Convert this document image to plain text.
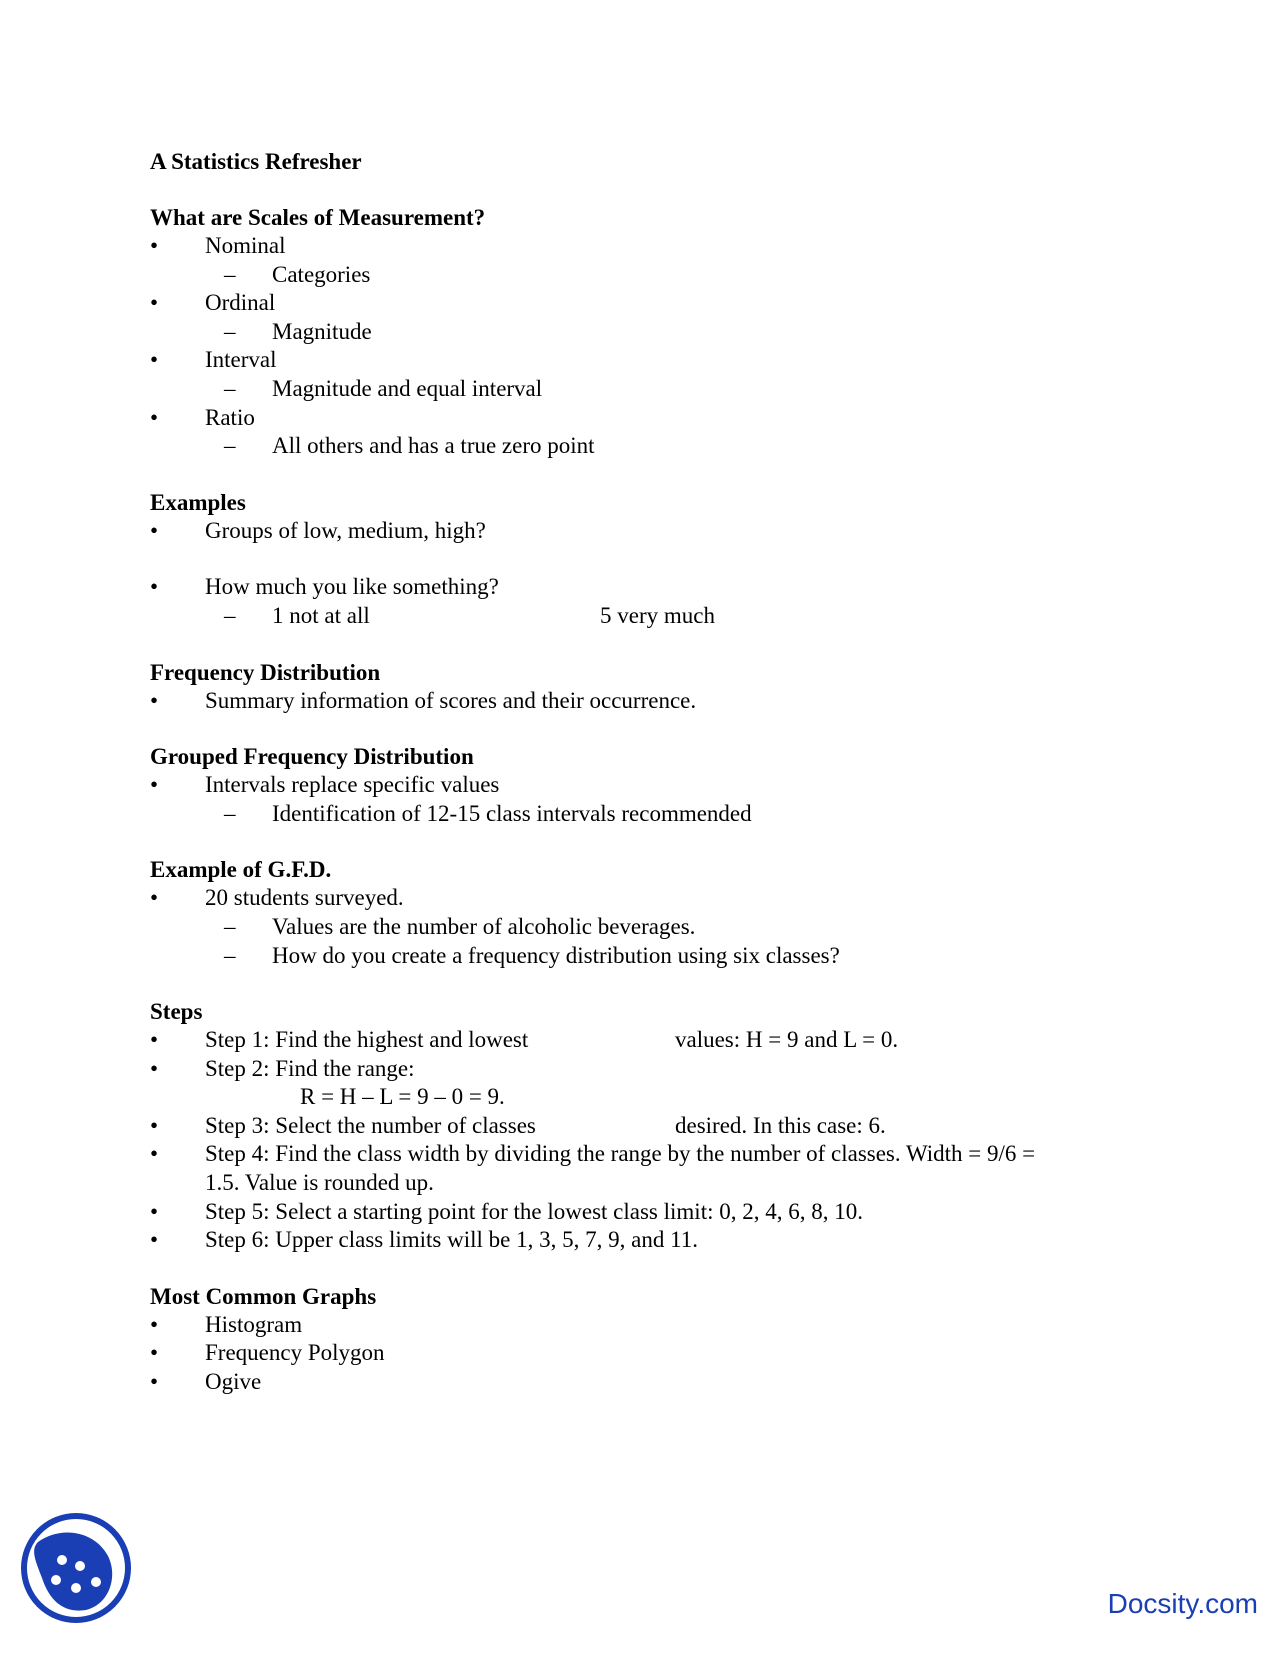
A Statistics Refresher
What are Scales of Measurement?
• Nominal
– Categories
• Ordinal
– Magnitude
• Interval
– Magnitude and equal interval
• Ratio
– All others and has a true zero point
Examples
• Groups of low, medium, high?
• How much you like something?
– 1 not at all	5 very much
Frequency Distribution
• Summary information of scores and their occurrence.
Grouped Frequency Distribution
• Intervals replace specific values
– Identification of 12-15 class intervals recommended
Example of G.F.D.
• 20 students surveyed.
– Values are the number of alcoholic beverages.
– How do you create a frequency distribution using six classes?
Steps
• Step 1: Find the highest and lowest	values: H = 9 and L = 0.
• Step 2: Find the range:
R = H – L = 9 – 0 = 9.
• Step 3: Select the number of classes	desired. In this case: 6.
• Step 4: Find the class width by dividing the range by the number of classes. Width = 9/6 =
1.5. Value is rounded up.
• Step 5: Select a starting point for the lowest class limit: 0, 2, 4, 6, 8, 10.
• Step 6: Upper class limits will be 1, 3, 5, 7, 9, and 11.
Most Common Graphs
• Histogram
• Frequency Polygon
• Ogive
Docsity.com
